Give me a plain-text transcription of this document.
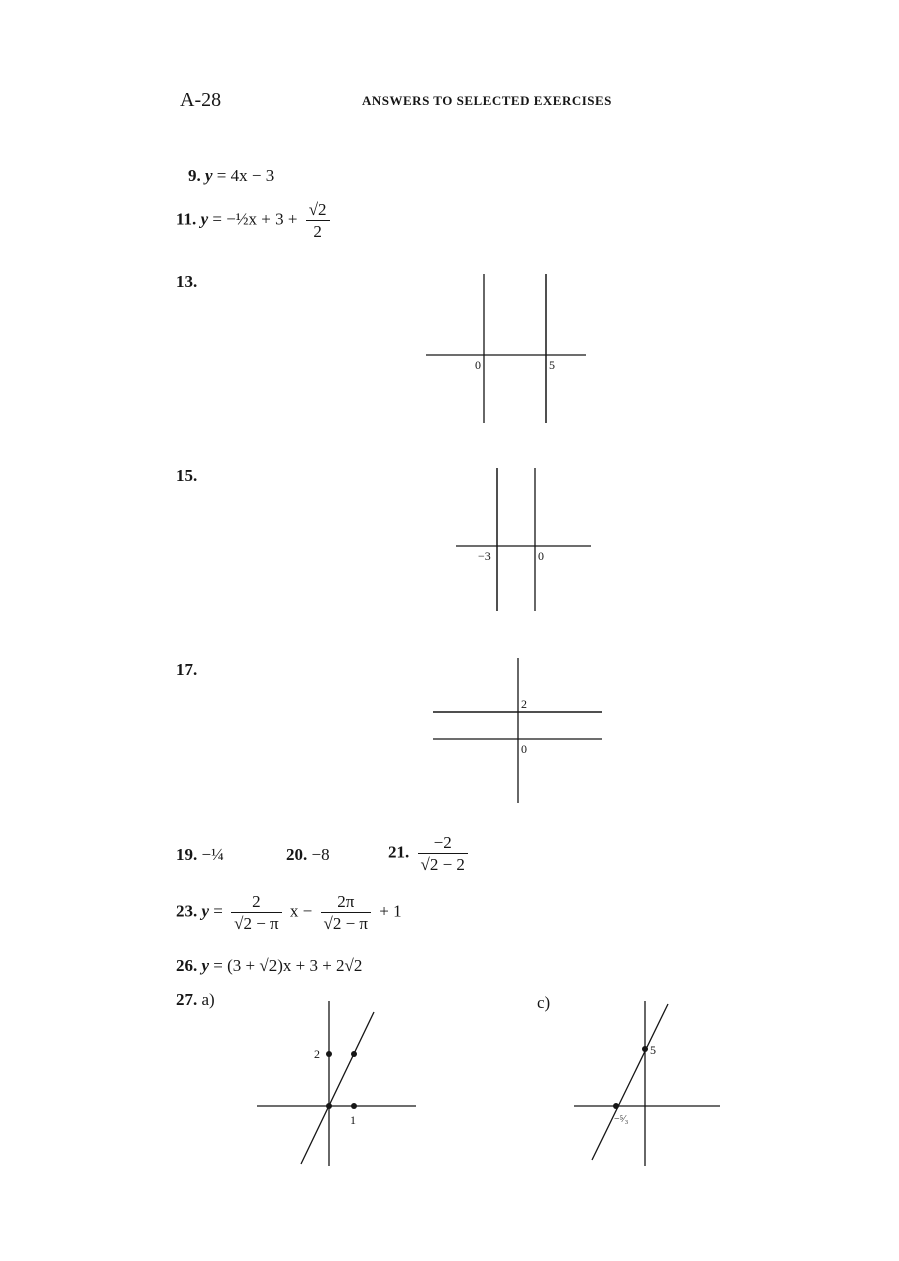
A-28	ANSWERS TO SELECTED EXERCISES
9. y = 4x − 3
11. y = −½x + $3 + \frac{√2}{2}$
13.
0	5
15.
−3	0
17.
2
0
19. −¼	20. −8	21. $\frac{-2}{√2 - 2}$
23. $y = \frac{2}{√2 - \pi}$ $x - \frac{2\pi}{√2 - \pi} + 1$
26. y = (3 + √2)x + 3 + 2√2
27. a)	c)
2
1
5
−⁵⁄₃
